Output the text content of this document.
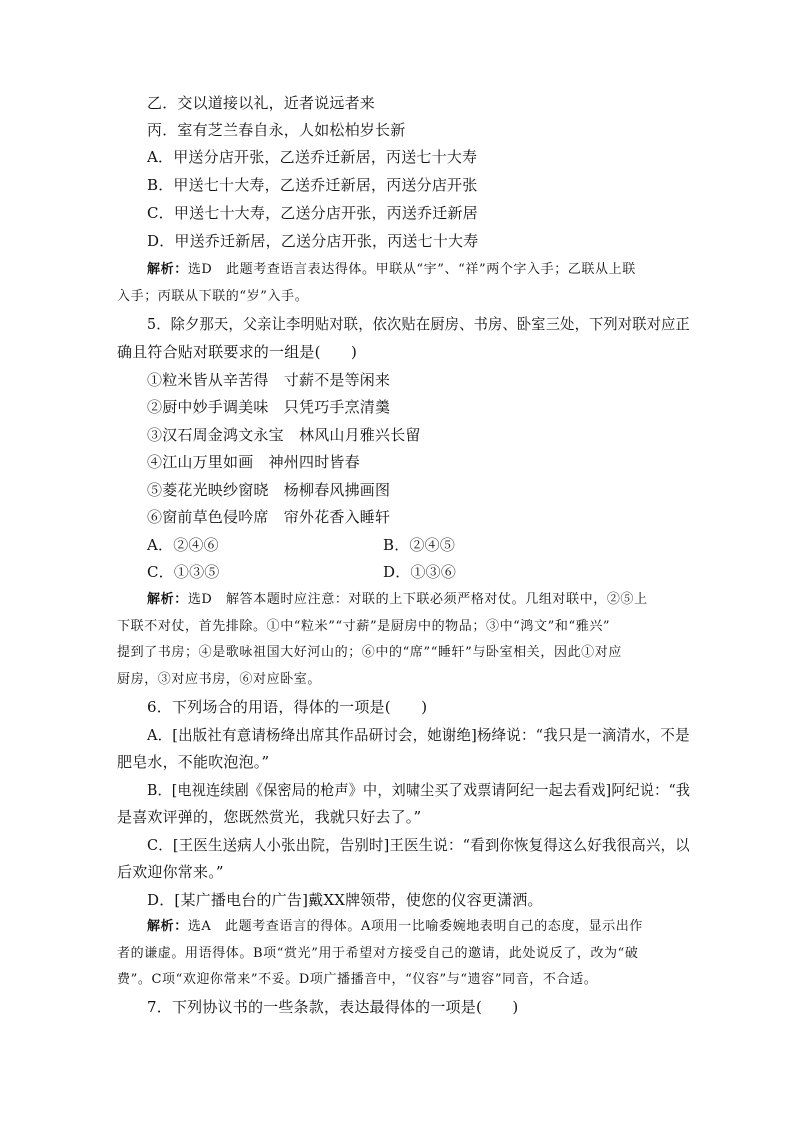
乙．交以道接以礼，近者说远者来
丙．室有芝兰春自永，人如松柏岁长新
A．甲送分店开张，乙送乔迁新居，丙送七十大寿
B．甲送七十大寿，乙送乔迁新居，丙送分店开张
C．甲送七十大寿，乙送分店开张，丙送乔迁新居
D．甲送乔迁新居，乙送分店开张，丙送七十大寿
解析：选D　此题考查语言表达得体。甲联从“宇”、“祥”两个字入手；乙联从上联
入手；丙联从下联的“岁”入手。
5．除夕那天，父亲让李明贴对联，依次贴在厨房、书房、卧室三处，下列对联对应正
确且符合贴对联要求的一组是(　　)
①粒米皆从辛苦得　寸薪不是等闲来
②厨中妙手调美味　只凭巧手烹清羹
③汉石周金鸿文永宝　林风山月雅兴长留
④江山万里如画　神州四时皆春
⑤菱花光映纱窗晓　杨柳春风拂画图
⑥窗前草色侵吟席　帘外花香入睡轩
A．②④⑥	B．②④⑤
C．①③⑤	D．①③⑥
解析：选D　解答本题时应注意：对联的上下联必须严格对仗。几组对联中，②⑤上
下联不对仗，首先排除。①中“粒米”“寸薪”是厨房中的物品；③中“鸿文”和“雅兴”
提到了书房；④是歌咏祖国大好河山的；⑥中的“席”“睡轩”与卧室相关，因此①对应
厨房，③对应书房，⑥对应卧室。
6．下列场合的用语，得体的一项是(　　)
A．[出版社有意请杨绛出席其作品研讨会，她谢绝]杨绛说：“我只是一滴清水，不是
肥皂水，不能吹泡泡。”
B．[电视连续剧《保密局的枪声》中，刘啸尘买了戏票请阿纪一起去看戏]阿纪说：“我
是喜欢评弹的，您既然赏光，我就只好去了。”
C．[王医生送病人小张出院，告别时]王医生说：“看到你恢复得这么好我很高兴，以
后欢迎你常来。”
D．[某广播电台的广告]戴XX牌领带，使您的仪容更潇洒。
解析：选A　此题考查语言的得体。A项用一比喻委婉地表明自己的态度，显示出作
者的谦虚。用语得体。B项“赏光”用于希望对方接受自己的邀请，此处说反了，改为“破
费”。C项“欢迎你常来”不妥。D项广播播音中，“仪容”与“遗容”同音，不合适。
7．下列协议书的一些条款，表达最得体的一项是(　　)
